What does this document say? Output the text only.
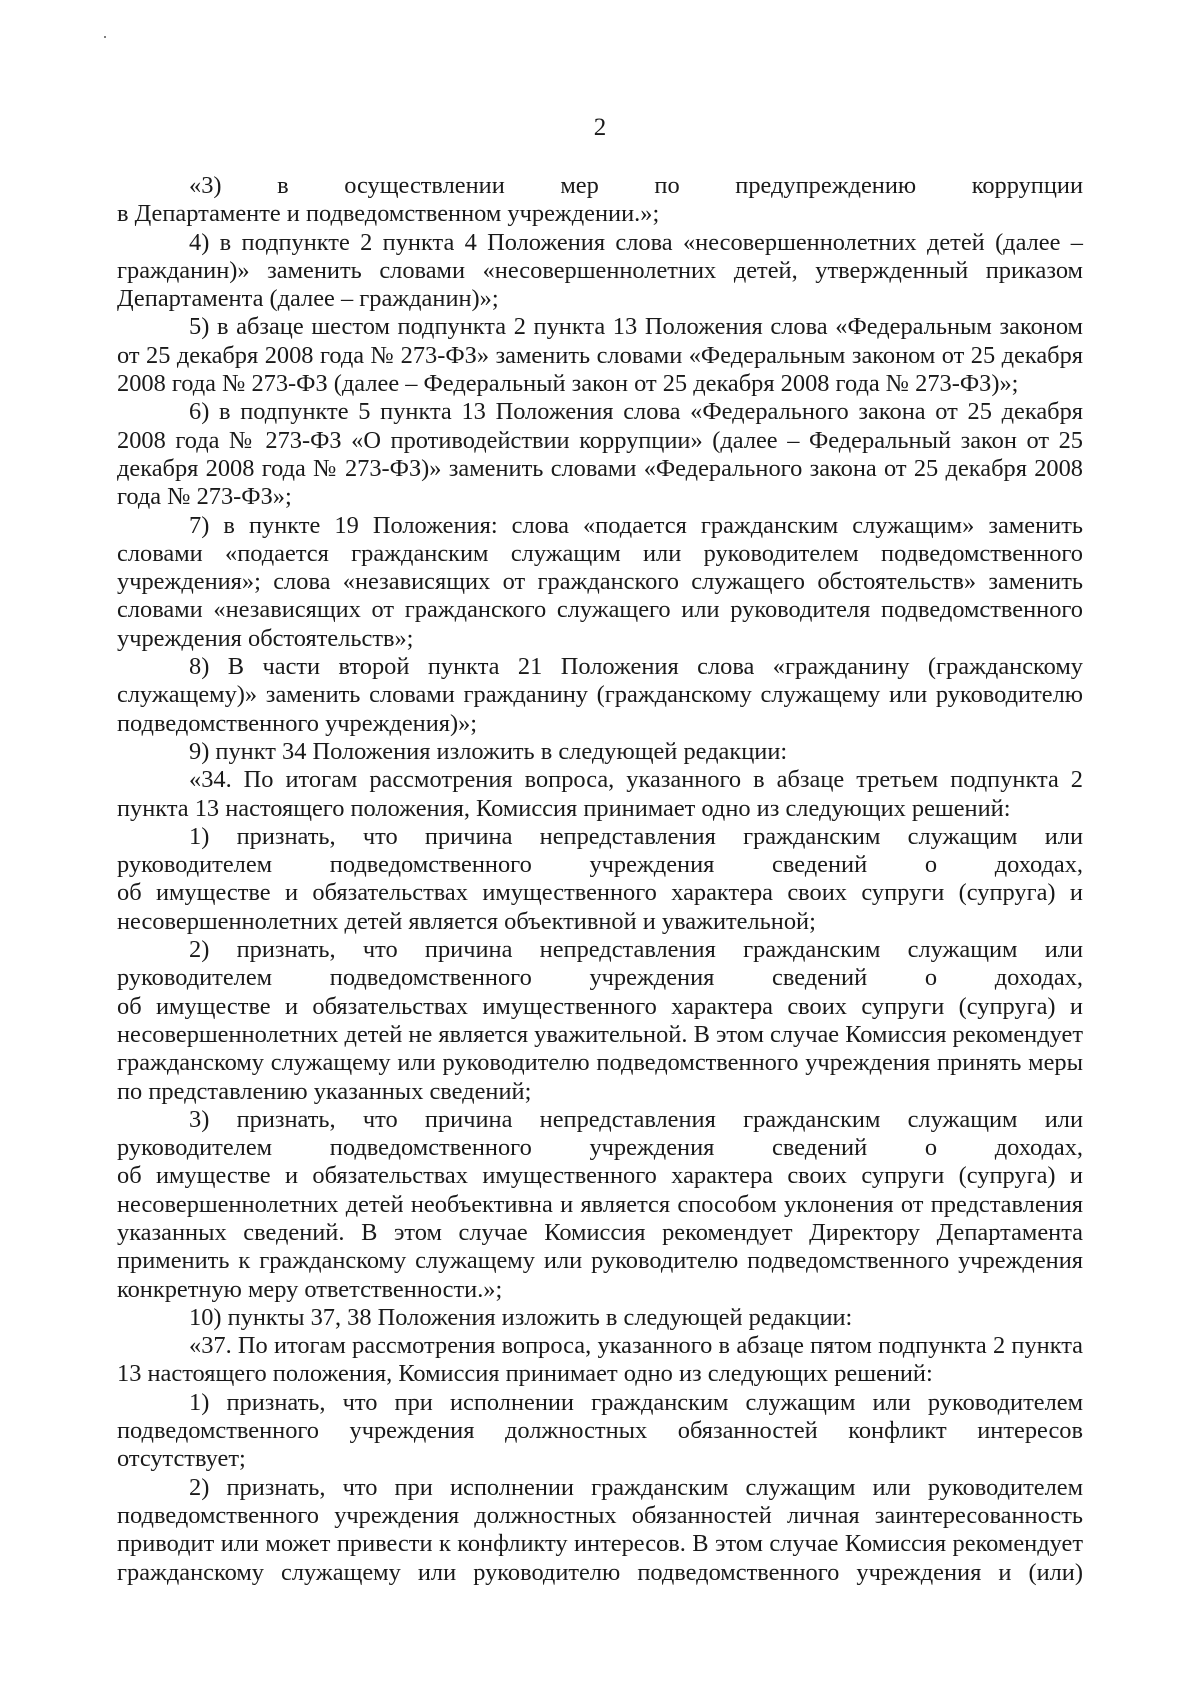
2

«3) в осуществлении мер по предупреждению коррупции
в Департаменте и подведомственном учреждении.»;

4) в подпункте 2 пункта 4 Положения слова «несовершеннолетних детей (далее – гражданин)» заменить словами «несовершеннолетних детей, утвержденный приказом Департамента (далее – гражданин)»;

5) в абзаце шестом подпункта 2 пункта 13 Положения слова «Федеральным законом от 25 декабря 2008 года № 273-ФЗ» заменить словами «Федеральным законом от 25 декабря 2008 года № 273-ФЗ (далее – Федеральный закон от 25 декабря 2008 года № 273-ФЗ)»;

6) в подпункте 5 пункта 13 Положения слова «Федерального закона от 25 декабря 2008 года № 273-ФЗ «О противодействии коррупции» (далее – Федеральный закон от 25 декабря 2008 года № 273-ФЗ)» заменить словами «Федерального закона от 25 декабря 2008 года № 273-ФЗ»;

7) в пункте 19 Положения: слова «подается гражданским служащим» заменить словами «подается гражданским служащим или руководителем подведомственного учреждения»; слова «независящих от гражданского служащего обстоятельств» заменить словами «независящих от гражданского служащего или руководителя подведомственного учреждения обстоятельств»;

8) В части второй пункта 21 Положения слова «гражданину (гражданскому служащему)» заменить словами гражданину (гражданскому служащему или руководителю подведомственного учреждения)»;

9) пункт 34 Положения изложить в следующей редакции:

«34. По итогам рассмотрения вопроса, указанного в абзаце третьем подпункта 2 пункта 13 настоящего положения, Комиссия принимает одно из следующих решений:

1) признать, что причина непредставления гражданским служащим или руководителем подведомственного учреждения сведений о доходах,
об имуществе и обязательствах имущественного характера своих супруги (супруга) и несовершеннолетних детей является объективной и уважительной;

2) признать, что причина непредставления гражданским служащим или руководителем подведомственного учреждения сведений о доходах,
об имуществе и обязательствах имущественного характера своих супруги (супруга) и несовершеннолетних детей не является уважительной. В этом случае Комиссия рекомендует гражданскому служащему или руководителю подведомственного учреждения принять меры по представлению указанных сведений;

3) признать, что причина непредставления гражданским служащим или руководителем подведомственного учреждения сведений о доходах,
об имуществе и обязательствах имущественного характера своих супруги (супруга) и несовершеннолетних детей необъективна и является способом уклонения от представления указанных сведений. В этом случае Комиссия рекомендует Директору Департамента применить к гражданскому служащему или руководителю подведомственного учреждения конкретную меру ответственности.»;

10) пункты 37, 38 Положения изложить в следующей редакции:

«37. По итогам рассмотрения вопроса, указанного в абзаце пятом подпункта 2 пункта 13 настоящего положения, Комиссия принимает одно из следующих решений:

1) признать, что при исполнении гражданским служащим или руководителем подведомственного учреждения должностных обязанностей конфликт интересов отсутствует;

2) признать, что при исполнении гражданским служащим или руководителем подведомственного учреждения должностных обязанностей личная заинтересованность приводит или может привести к конфликту интересов. В этом случае Комиссия рекомендует гражданскому служащему или руководителю подведомственного учреждения и (или)
